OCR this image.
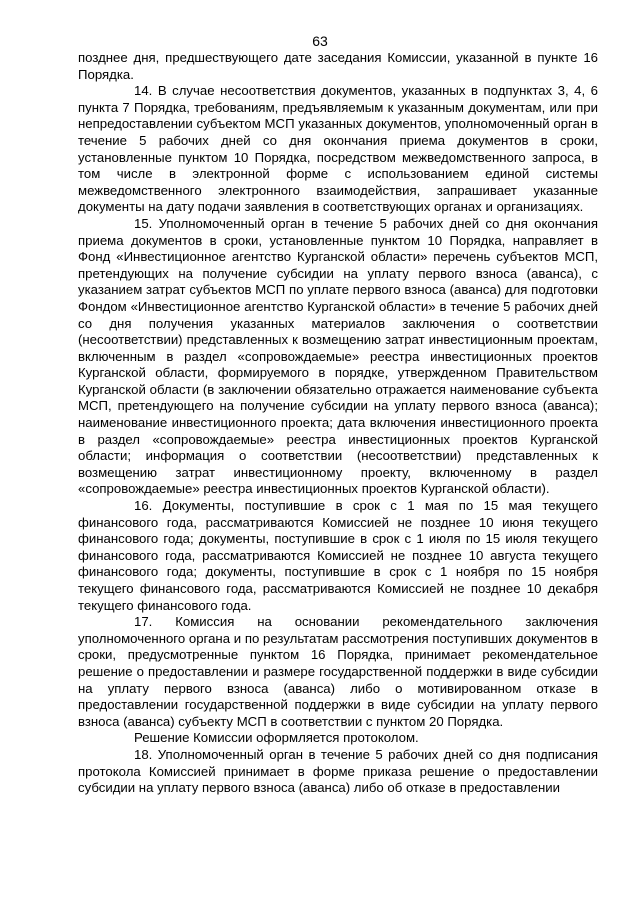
63

позднее дня, предшествующего дате заседания Комиссии, указанной в пункте 16 Порядка.

14. В случае несоответствия документов, указанных в подпунктах 3, 4, 6 пункта 7 Порядка, требованиям, предъявляемым к указанным документам, или при непредоставлении субъектом МСП указанных документов, уполномоченный орган в течение 5 рабочих дней со дня окончания приема документов в сроки, установленные пунктом 10 Порядка, посредством межведомственного запроса, в том числе в электронной форме с использованием единой системы межведомственного электронного взаимодействия, запрашивает указанные документы на дату подачи заявления в соответствующих органах и организациях.

15. Уполномоченный орган в течение 5 рабочих дней со дня окончания приема документов в сроки, установленные пунктом 10 Порядка, направляет в Фонд «Инвестиционное агентство Курганской области» перечень субъектов МСП, претендующих на получение субсидии на уплату первого взноса (аванса), с указанием затрат субъектов МСП по уплате первого взноса (аванса) для подготовки Фондом «Инвестиционное агентство Курганской области» в течение 5 рабочих дней со дня получения указанных материалов заключения о соответствии (несоответствии) представленных к возмещению затрат инвестиционным проектам, включенным в раздел «сопровождаемые» реестра инвестиционных проектов Курганской области, формируемого в порядке, утвержденном Правительством Курганской области (в заключении обязательно отражается наименование субъекта МСП, претендующего на получение субсидии на уплату первого взноса (аванса); наименование инвестиционного проекта; дата включения инвестиционного проекта в раздел «сопровождаемые» реестра инвестиционных проектов Курганской области; информация о соответствии (несоответствии) представленных к возмещению затрат инвестиционному проекту, включенному в раздел «сопровождаемые» реестра инвестиционных проектов Курганской области).

16. Документы, поступившие в срок с 1 мая по 15 мая текущего финансового года, рассматриваются Комиссией не позднее 10 июня текущего финансового года; документы, поступившие в срок с 1 июля по 15 июля текущего финансового года, рассматриваются Комиссией не позднее 10 августа текущего финансового года; документы, поступившие в срок с 1 ноября по 15 ноября текущего финансового года, рассматриваются Комиссией не позднее 10 декабря текущего финансового года.

17. Комиссия на основании рекомендательного заключения уполномоченного органа и по результатам рассмотрения поступивших документов в сроки, предусмотренные пунктом 16 Порядка, принимает рекомендательное решение о предоставлении и размере государственной поддержки в виде субсидии на уплату первого взноса (аванса) либо о мотивированном отказе в предоставлении государственной поддержки в виде субсидии на уплату первого взноса (аванса) субъекту МСП в соответствии с пунктом 20 Порядка.

Решение Комиссии оформляется протоколом.

18. Уполномоченный орган в течение 5 рабочих дней со дня подписания протокола Комиссией принимает в форме приказа решение о предоставлении субсидии на уплату первого взноса (аванса) либо об отказе в предоставлении
